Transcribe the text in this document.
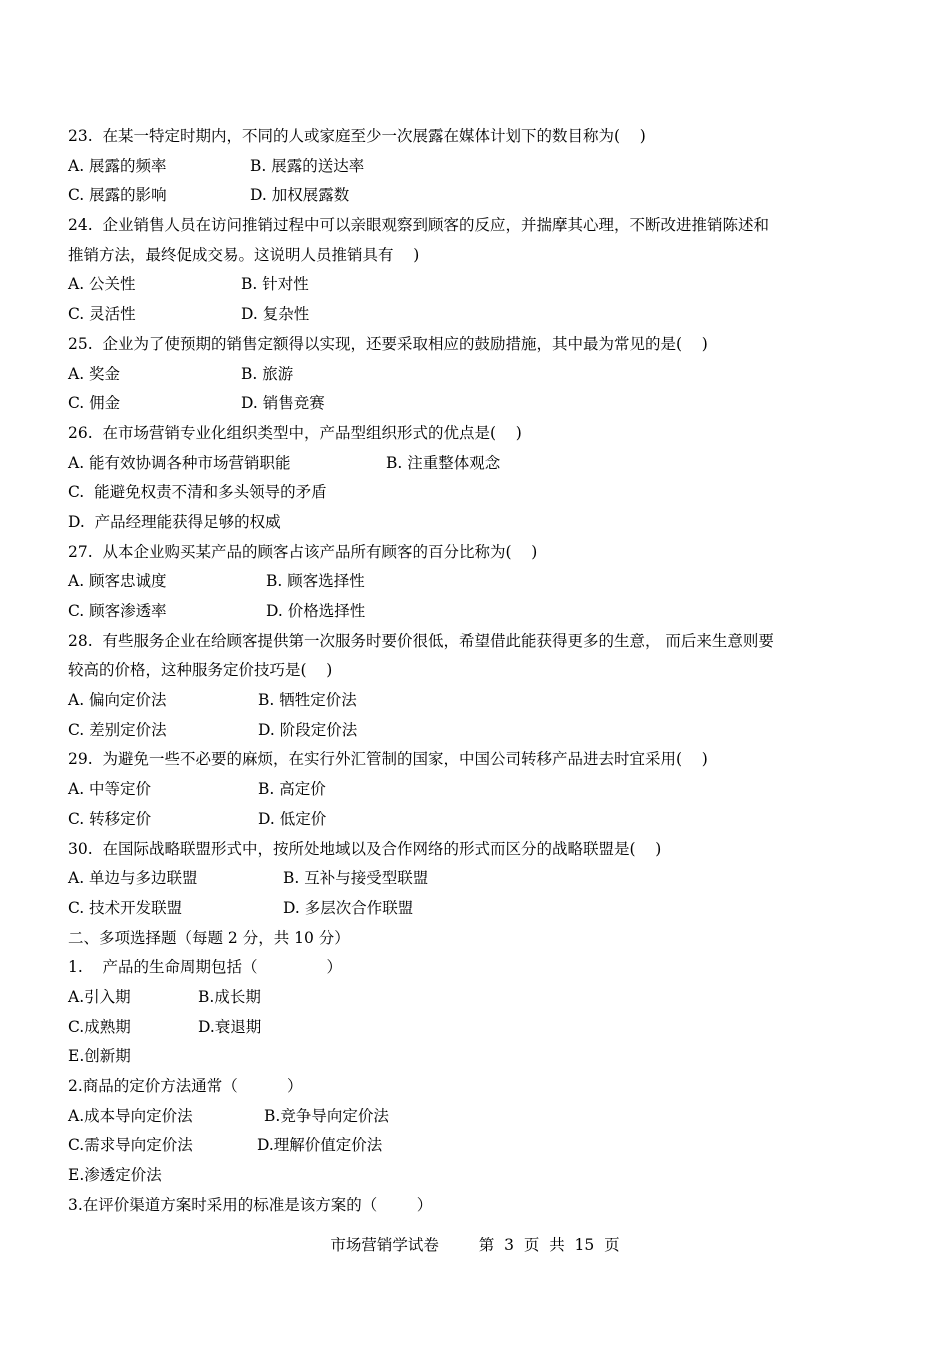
23.  在某一特定时期内，不同的人或家庭至少一次展露在媒体计划下的数目称为(    )
A. 展露的频率	B. 展露的送达率
C. 展露的影响	D. 加权展露数
24.  企业销售人员在访问推销过程中可以亲眼观察到顾客的反应，并揣摩其心理，不断改进推销陈述和
推销方法，最终促成交易。这说明人员推销具有    )
A. 公关性	B. 针对性
C. 灵活性	D. 复杂性
25.  企业为了使预期的销售定额得以实现，还要采取相应的鼓励措施，其中最为常见的是(    )
A. 奖金	B. 旅游
C. 佣金	D. 销售竞赛
26.  在市场营销专业化组织类型中，产品型组织形式的优点是(    )
A. 能有效协调各种市场营销职能	B. 注重整体观念
C.  能避免权责不清和多头领导的矛盾
D.  产品经理能获得足够的权威
27.  从本企业购买某产品的顾客占该产品所有顾客的百分比称为(    )
A. 顾客忠诚度	B. 顾客选择性
C. 顾客渗透率	D. 价格选择性
28.  有些服务企业在给顾客提供第一次服务时要价很低，希望借此能获得更多的生意， 而后来生意则要
较高的价格，这种服务定价技巧是(    )
A. 偏向定价法	B. 牺牲定价法
C. 差别定价法	D. 阶段定价法
29.  为避免一些不必要的麻烦，在实行外汇管制的国家，中国公司转移产品进去时宜采用(    )
A. 中等定价	B. 高定价
C. 转移定价	D. 低定价
30.  在国际战略联盟形式中，按所处地域以及合作网络的形式而区分的战略联盟是(    )
A. 单边与多边联盟	B. 互补与接受型联盟
C. 技术开发联盟	D. 多层次合作联盟
二、多项选择题（每题 2 分，共 10 分）
1.    产品的生命周期包括（              ）
A.引入期	B.成长期
C.成熟期	D.衰退期
E.创新期
2.商品的定价方法通常（          ）
A.成本导向定价法	B.竞争导向定价法
C.需求导向定价法	D.理解价值定价法
E.渗透定价法
3.在评价渠道方案时采用的标准是该方案的（        ）
市场营销学试卷	第  3  页  共  15  页
